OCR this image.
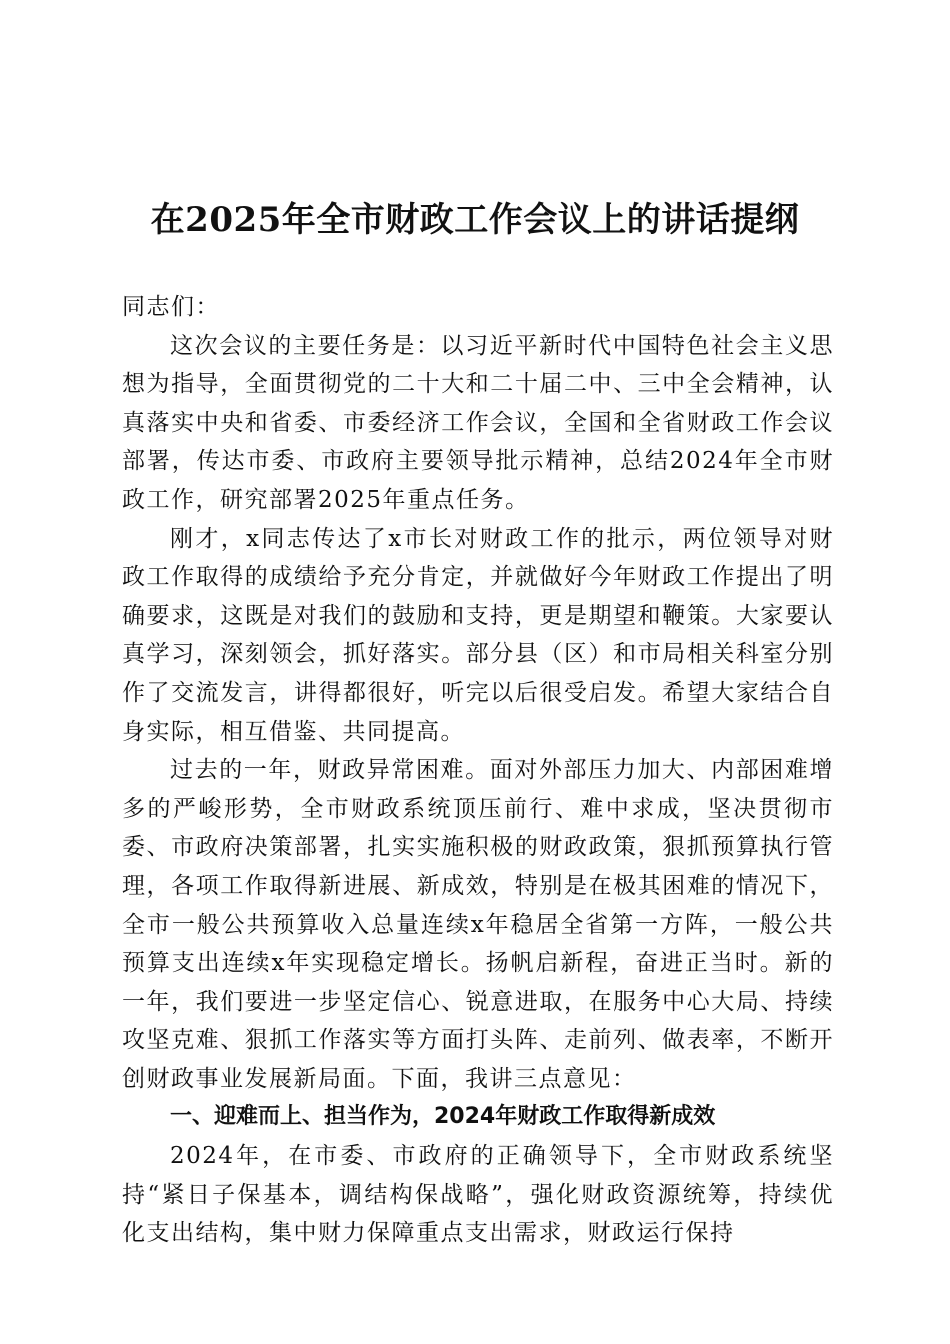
在2025年全市财政工作会议上的讲话提纲

同志们：

这次会议的主要任务是：以习近平新时代中国特色社会主义思想为指导，全面贯彻党的二十大和二十届二中、三中全会精神，认真落实中央和省委、市委经济工作会议，全国和全省财政工作会议部署，传达市委、市政府主要领导批示精神，总结2024年全市财政工作，研究部署2025年重点任务。

刚才，x同志传达了x市长对财政工作的批示，两位领导对财政工作取得的成绩给予充分肯定，并就做好今年财政工作提出了明确要求，这既是对我们的鼓励和支持，更是期望和鞭策。大家要认真学习，深刻领会，抓好落实。部分县（区）和市局相关科室分别作了交流发言，讲得都很好，听完以后很受启发。希望大家结合自身实际，相互借鉴、共同提高。

过去的一年，财政异常困难。面对外部压力加大、内部困难增多的严峻形势，全市财政系统顶压前行、难中求成，坚决贯彻市委、市政府决策部署，扎实实施积极的财政政策，狠抓预算执行管理，各项工作取得新进展、新成效，特别是在极其困难的情况下，全市一般公共预算收入总量连续x年稳居全省第一方阵，一般公共预算支出连续x年实现稳定增长。扬帆启新程，奋进正当时。新的一年，我们要进一步坚定信心、锐意进取，在服务中心大局、持续攻坚克难、狠抓工作落实等方面打头阵、走前列、做表率，不断开创财政事业发展新局面。下面，我讲三点意见：

一、迎难而上、担当作为，2024年财政工作取得新成效

2024年，在市委、市政府的正确领导下，全市财政系统坚持“紧日子保基本，调结构保战略”，强化财政资源统筹，持续优化支出结构，集中财力保障重点支出需求，财政运行保持
